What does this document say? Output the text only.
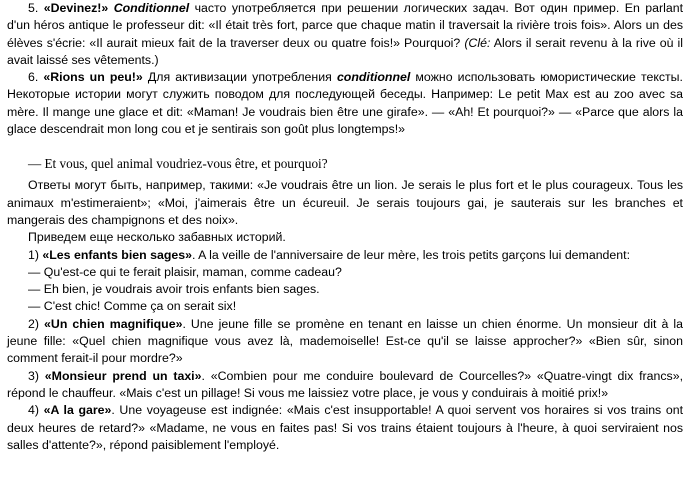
5. «Devinez!» Conditionnel часто употребляется при решении логических задач. Вот один пример. En parlant d'un héros antique le professeur dit: «Il était très fort, parce que chaque matin il traversait la rivière trois fois». Alors un des élèves s'écrie: «Il aurait mieux fait de la traverser deux ou quatre fois!» Pourquoi? (Clé: Alors il serait revenu à la rive où il avait laissé ses vêtements.)

6. «Rions un peu!» Для активизации употребления conditionnel можно использовать юмористические тексты. Некоторые истории могут служить поводом для последующей беседы. Например: Le petit Max est au zoo avec sa mère. Il mange une glace et dit: «Maman! Je voudrais bien être une girafe». — «Ah! Et pourquoi?» — «Parce que alors la glace descendrait mon long cou et je sentirais son goût plus longtemps!»

— Et vous, quel animal voudriez-vous être, et pourquoi?

Ответы могут быть, например, такими: «Je voudrais être un lion. Je serais le plus fort et le plus courageux. Tous les animaux m'estimeraient»; «Moi, j'aimerais être un écureuil. Je serais toujours gai, je sauterais sur les branches et mangerais des champignons et des noix».

Приведем еще несколько забавных историй.

1) «Les enfants bien sages». A la veille de l'anniversaire de leur mère, les trois petits garçons lui demandent:

— Qu'est-ce qui te ferait plaisir, maman, comme cadeau?

— Eh bien, je voudrais avoir trois enfants bien sages.

— C'est chic! Comme ça on serait six!

2) «Un chien magnifique». Une jeune fille se promène en tenant en laisse un chien énorme. Un monsieur dit à la jeune fille: «Quel chien magnifique vous avez là, mademoiselle! Est-ce qu'il se laisse approcher?» «Bien sûr, sinon comment ferait-il pour mordre?»

3) «Monsieur prend un taxi». «Combien pour me conduire boulevard de Courcelles?» «Quatre-vingt dix francs», répond le chauffeur. «Mais c'est un pillage! Si vous me laissiez votre place, je vous y conduirais à moitié prix!»

4) «A la gare». Une voyageuse est indignée: «Mais c'est insupportable! A quoi servent vos horaires si vos trains ont deux heures de retard?» «Madame, ne vous en faites pas! Si vos trains étaient toujours à l'heure, à quoi serviraient nos salles d'attente?», répond paisiblement l'employé.
